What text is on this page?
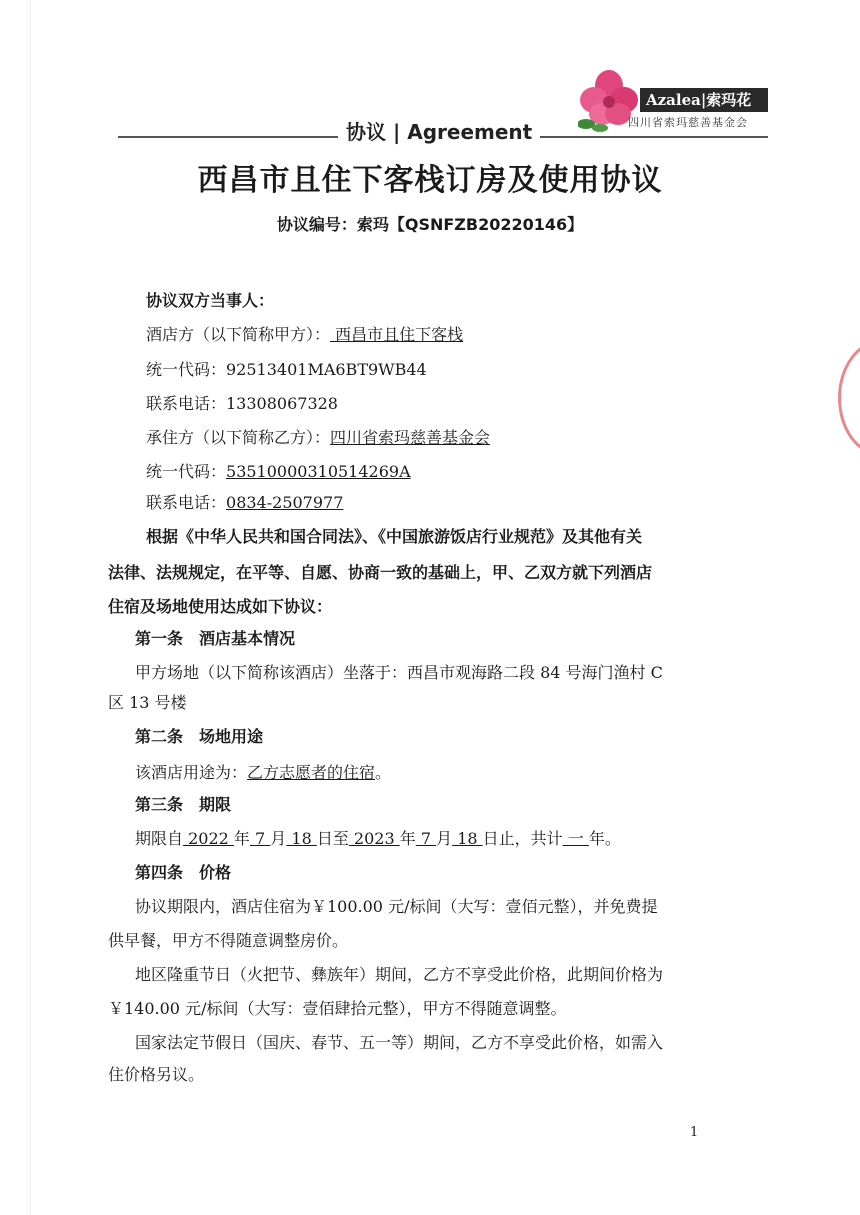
Azalea|索玛花
四川省索玛慈善基金会
协议 | Agreement
西昌市且住下客栈订房及使用协议
协议编号：索玛【QSNFZB20220146】
协议双方当事人：
酒店方（以下简称甲方）： 西昌市且住下客栈
统一代码：92513401MA6BT9WB44
联系电话：13308067328
承住方（以下简称乙方）：四川省索玛慈善基金会
统一代码：53510000310514269A
联系电话：0834-2507977
根据《中华人民共和国合同法》、《中国旅游饭店行业规范》及其他有关
法律、法规规定，在平等、自愿、协商一致的基础上，甲、乙双方就下列酒店
住宿及场地使用达成如下协议：
第一条　酒店基本情况
甲方场地（以下简称该酒店）坐落于：西昌市观海路二段 84 号海门渔村 C
区 13 号楼
第二条　场地用途
该酒店用途为：乙方志愿者的住宿。
第三条　期限
期限自 2022 年 7 月 18 日至 2023 年 7 月 18 日止，共计 一 年。
第四条　价格
协议期限内，酒店住宿为￥100.00 元/标间（大写：壹佰元整），并免费提
供早餐，甲方不得随意调整房价。
地区隆重节日（火把节、彝族年）期间，乙方不享受此价格，此期间价格为
￥140.00 元/标间（大写：壹佰肆拾元整），甲方不得随意调整。
国家法定节假日（国庆、春节、五一等）期间，乙方不享受此价格，如需入
住价格另议。
1
